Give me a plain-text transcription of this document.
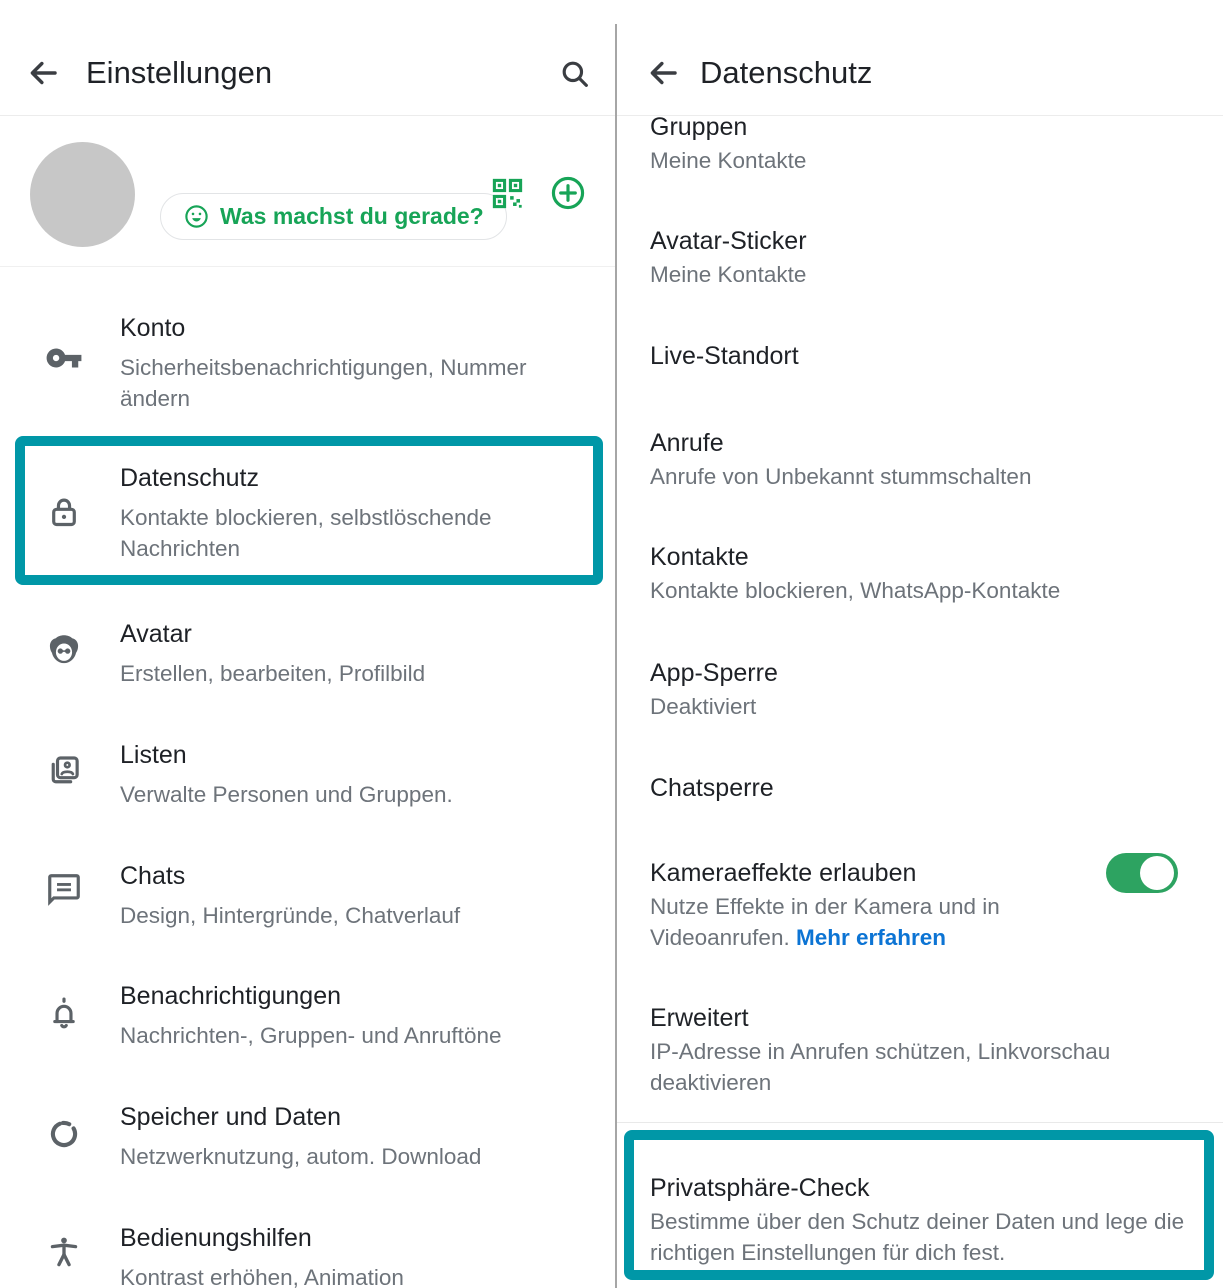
Einstellungen
Was machst du gerade?
Konto
Sicherheitsbenachrichtigungen, Nummer
ändern
Datenschutz
Kontakte blockieren, selbstlöschende
Nachrichten
Avatar
Erstellen, bearbeiten, Profilbild
Listen
Verwalte Personen und Gruppen.
Chats
Design, Hintergründe, Chatverlauf
Benachrichtigungen
Nachrichten-, Gruppen- und Anruftöne
Speicher und Daten
Netzwerknutzung, autom. Download
Bedienungshilfen
Kontrast erhöhen, Animation
Datenschutz
Gruppen
Meine Kontakte
Avatar-Sticker
Meine Kontakte
Live-Standort
Anrufe
Anrufe von Unbekannt stummschalten
Kontakte
Kontakte blockieren, WhatsApp-Kontakte
App-Sperre
Deaktiviert
Chatsperre
Kameraeffekte erlauben
Nutze Effekte in der Kamera und in
Videoanrufen. Mehr erfahren
Erweitert
IP-Adresse in Anrufen schützen, Linkvorschau
deaktivieren
Privatsphäre-Check
Bestimme über den Schutz deiner Daten und lege die
richtigen Einstellungen für dich fest.
